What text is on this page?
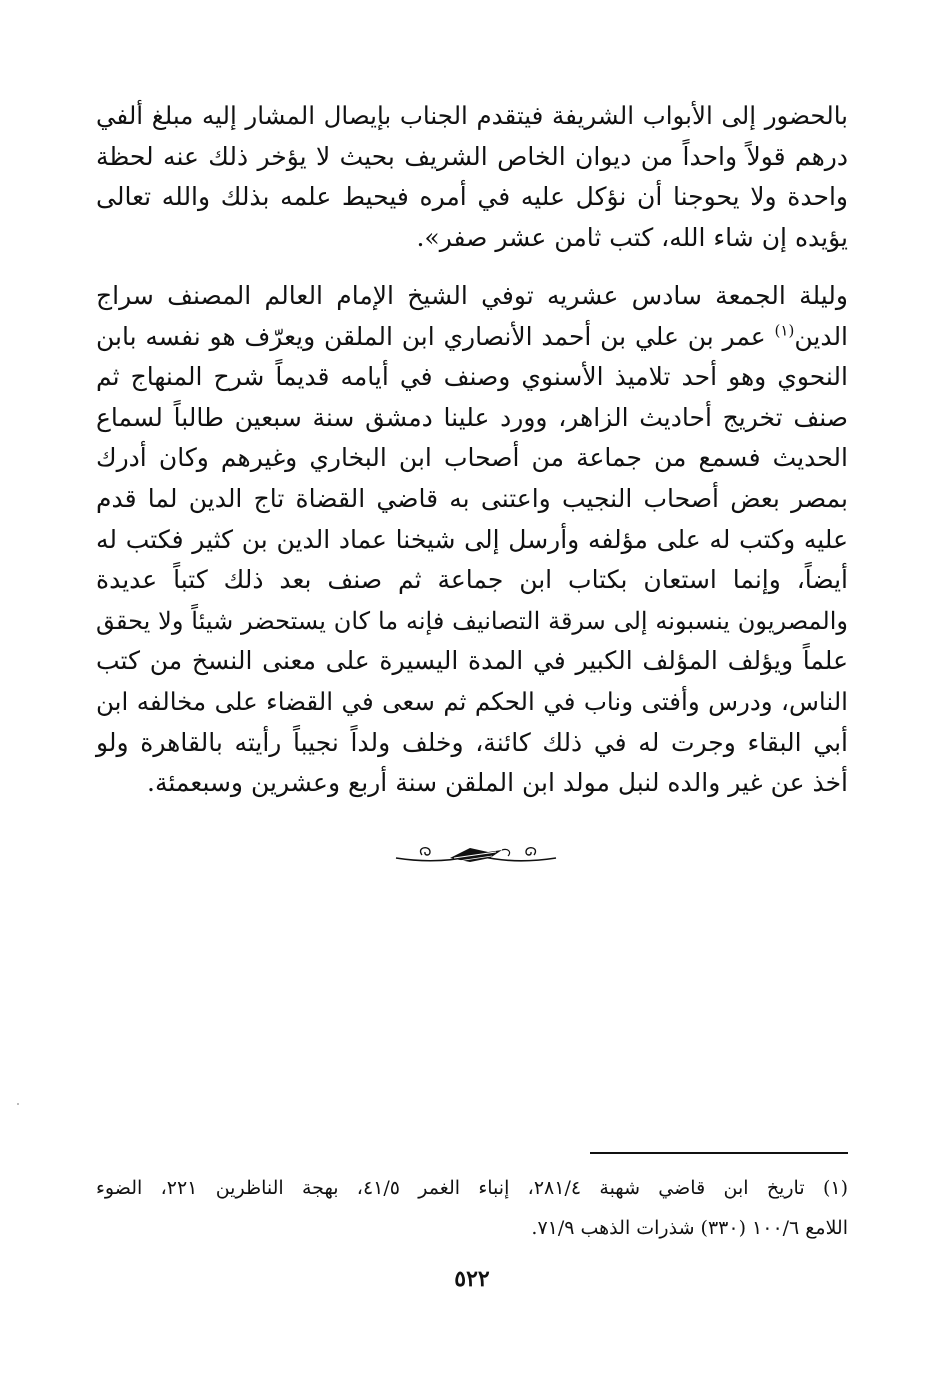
بالحضور إلى الأبواب الشريفة فيتقدم الجناب بإيصال المشار إليه مبلغ ألفي
درهم قولاً واحداً من ديوان الخاص الشريف بحيث لا يؤخر ذلك عنه لحظة
واحدة ولا يحوجنا أن نؤكل عليه في أمره فيحيط علمه بذلك والله تعالى
يؤيده إن شاء الله، كتب ثامن عشر صفر».

وليلة الجمعة سادس عشريه توفي الشيخ الإمام العالم المصنف سراج
الدين$^{(١)}$ عمر بن علي بن أحمد الأنصاري ابن الملقن ويعرّف هو نفسه بابن
النحوي وهو أحد تلاميذ الأسنوي وصنف في أيامه قديماً شرح المنهاج ثم
صنف تخريج أحاديث الزاهر، وورد علينا دمشق سنة سبعين طالباً لسماع
الحديث فسمع من جماعة من أصحاب ابن البخاري وغيرهم وكان أدرك
بمصر بعض أصحاب النجيب واعتنى به قاضي القضاة تاج الدين لما قدم
عليه وكتب له على مؤلفه وأرسل إلى شيخنا عماد الدين بن كثير فكتب له
أيضاً، وإنما استعان بكتاب ابن جماعة ثم صنف بعد ذلك كتباً عديدة
والمصريون ينسبونه إلى سرقة التصانيف فإنه ما كان يستحضر شيئاً ولا يحقق
علماً ويؤلف المؤلف الكبير في المدة اليسيرة على معنى النسخ من كتب
الناس، ودرس وأفتى وناب في الحكم ثم سعى في القضاء على مخالفه ابن
أبي البقاء وجرت له في ذلك كائنة، وخلف ولداً نجيباً رأيته بالقاهرة ولو
أخذ عن غير والده لنبل مولد ابن الملقن سنة أربع وعشرين وسبعمئة.

(١) تاريخ ابن قاضي شهبة ٢٨١/٤، إنباء الغمر ٤١/٥، بهجة الناظرين ٢٢١، الضوء
اللامع ١٠٠/٦ (٣٣٠) شذرات الذهب ٧١/٩.

٥٢٢
